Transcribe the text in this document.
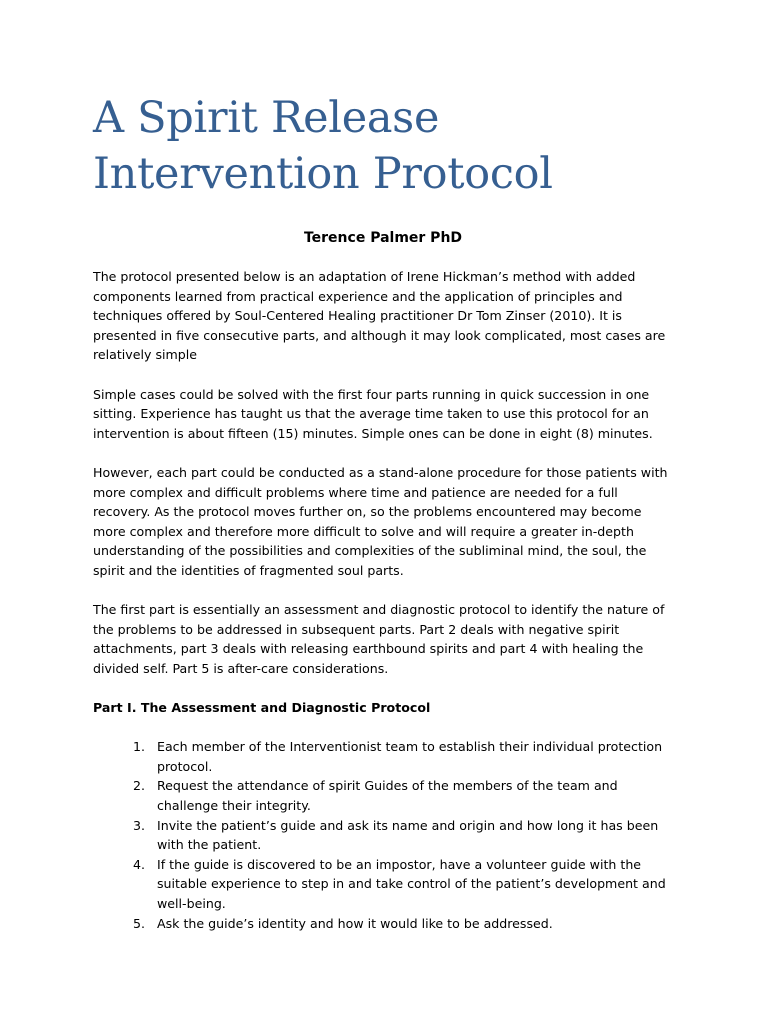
A Spirit Release
Intervention Protocol

Terence Palmer PhD

The protocol presented below is an adaptation of Irene Hickman’s method with added components learned from practical experience and the application of principles and techniques offered by Soul-Centered Healing practitioner Dr Tom Zinser (2010). It is presented in five consecutive parts, and although it may look complicated, most cases are relatively simple

Simple cases could be solved with the first four parts running in quick succession in one sitting. Experience has taught us that the average time taken to use this protocol for an intervention is about fifteen (15) minutes. Simple ones can be done in eight (8) minutes.

However, each part could be conducted as a stand-alone procedure for those patients with more complex and difficult problems where time and patience are needed for a full recovery. As the protocol moves further on, so the problems encountered may become more complex and therefore more difficult to solve and will require a greater in-depth understanding of the possibilities and complexities of the subliminal mind, the soul, the spirit and the identities of fragmented soul parts.

The first part is essentially an assessment and diagnostic protocol to identify the nature of the problems to be addressed in subsequent parts. Part 2 deals with negative spirit attachments, part 3 deals with releasing earthbound spirits and part 4 with healing the divided self. Part 5 is after-care considerations.

Part I. The Assessment and Diagnostic Protocol

1. Each member of the Interventionist team to establish their individual protection protocol.
2. Request the attendance of spirit Guides of the members of the team and challenge their integrity.
3. Invite the patient’s guide and ask its name and origin and how long it has been with the patient.
4. If the guide is discovered to be an impostor, have a volunteer guide with the suitable experience to step in and take control of the patient’s development and well-being.
5. Ask the guide’s identity and how it would like to be addressed.
